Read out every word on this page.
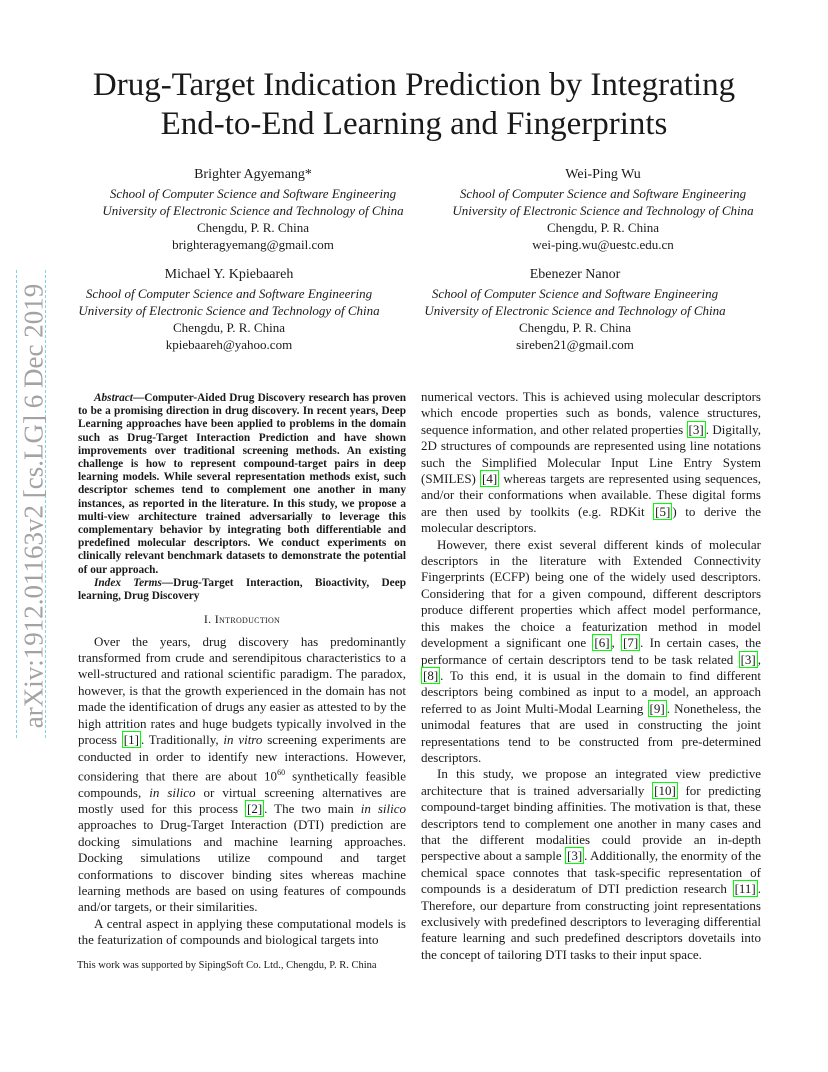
arXiv:1912.01163v2 [cs.LG] 6 Dec 2019
Drug-Target Indication Prediction by Integrating End-to-End Learning and Fingerprints
Brighter Agyemang*
School of Computer Science and Software Engineering
University of Electronic Science and Technology of China
Chengdu, P. R. China
brighteragyemang@gmail.com
Wei-Ping Wu
School of Computer Science and Software Engineering
University of Electronic Science and Technology of China
Chengdu, P. R. China
wei-ping.wu@uestc.edu.cn
Michael Y. Kpiebaareh
School of Computer Science and Software Engineering
University of Electronic Science and Technology of China
Chengdu, P. R. China
kpiebaareh@yahoo.com
Ebenezer Nanor
School of Computer Science and Software Engineering
University of Electronic Science and Technology of China
Chengdu, P. R. China
sireben21@gmail.com

Abstract—Computer-Aided Drug Discovery research has proven to be a promising direction in drug discovery. In recent years, Deep Learning approaches have been applied to problems in the domain such as Drug-Target Interaction Prediction and have shown improvements over traditional screening methods. An existing challenge is how to represent compound-target pairs in deep learning models. While several representation methods exist, such descriptor schemes tend to complement one another in many instances, as reported in the literature. In this study, we propose a multi-view architecture trained adversarially to leverage this complementary behavior by integrating both differentiable and predefined molecular descriptors. We conduct experiments on clinically relevant benchmark datasets to demonstrate the potential of our approach.

Index Terms—Drug-Target Interaction, Bioactivity, Deep learning, Drug Discovery

I. Introduction

Over the years, drug discovery has predominantly transformed from crude and serendipitous characteristics to a well-structured and rational scientific paradigm. The paradox, however, is that the growth experienced in the domain has not made the identification of drugs any easier as attested to by the high attrition rates and huge budgets typically involved in the process [1] . Traditionally, in vitro screening experiments are conducted in order to identify new interactions. However, considering that there are about $10^{60}$ synthetically feasible compounds, in silico or virtual screening alternatives are mostly used for this process [2] . The two main in silico approaches to Drug-Target Interaction (DTI) prediction are docking simulations and machine learning approaches. Docking simulations utilize compound and target conformations to discover binding sites whereas machine learning methods are based on using features of compounds and/or targets, or their similarities.

A central aspect in applying these computational models is the featurization of compounds and biological targets into

This work was supported by SipingSoft Co. Ltd., Chengdu, P. R. China

numerical vectors. This is achieved using molecular descriptors which encode properties such as bonds, valence structures, sequence information, and other related properties [3] . Digitally, 2D structures of compounds are represented using line notations such the Simplified Molecular Input Line Entry System (SMILES) [4] whereas targets are represented using sequences, and/or their conformations when available. These digital forms are then used by toolkits (e.g. RDKit [5] ) to derive the molecular descriptors.

However, there exist several different kinds of molecular descriptors in the literature with Extended Connectivity Fingerprints (ECFP) being one of the widely used descriptors. Considering that for a given compound, different descriptors produce different properties which affect model performance, this makes the choice a featurization method in model development a significant one [6] , [7] . In certain cases, the performance of certain descriptors tend to be task related [3] , [8] . To this end, it is usual in the domain to find different descriptors being combined as input to a model, an approach referred to as Joint Multi-Modal Learning [9] . Nonetheless, the unimodal features that are used in constructing the joint representations tend to be constructed from pre-determined descriptors.

In this study, we propose an integrated view predictive architecture that is trained adversarially [10] for predicting compound-target binding affinities. The motivation is that, these descriptors tend to complement one another in many cases and that the different modalities could provide an in-depth perspective about a sample [3] . Additionally, the enormity of the chemical space connotes that task-specific representation of compounds is a desideratum of DTI prediction research [11] . Therefore, our departure from constructing joint representations exclusively with predefined descriptors to leveraging differential feature learning and such predefined descriptors dovetails into the concept of tailoring DTI tasks to their input space.
